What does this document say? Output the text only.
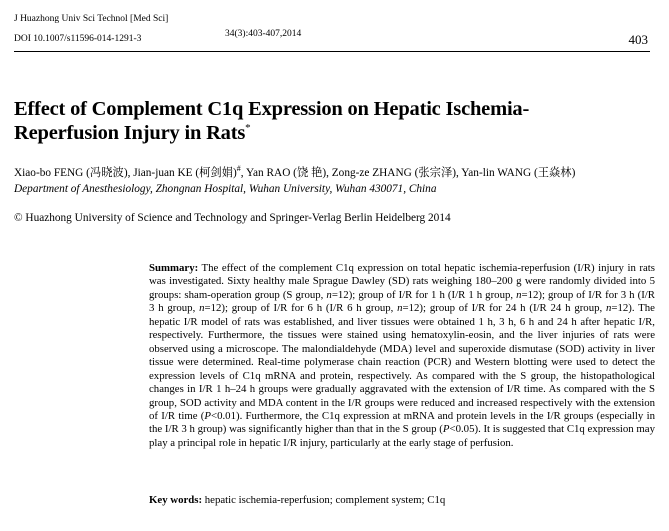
J Huazhong Univ Sci Technol [Med Sci]
DOI 10.1007/s11596-014-1291-3	34(3):403-407,2014	403
Effect of Complement C1q Expression on Hepatic Ischemia-
Reperfusion Injury in Rats*
Xiao-bo FENG (冯晓波), Jian-juan KE (柯剑娟)#, Yan RAO (饶 艳), Zong-ze ZHANG (张宗泽), Yan-lin WANG (王焱林)
Department of Anesthesiology, Zhongnan Hospital, Wuhan University, Wuhan 430071, China
© Huazhong University of Science and Technology and Springer-Verlag Berlin Heidelberg 2014
Summary: The effect of the complement C1q expression on total hepatic ischemia-reperfusion (I/R) injury in rats was investigated. Sixty healthy male Sprague Dawley (SD) rats weighing 180–200 g were randomly divided into 5 groups: sham-operation group (S group, n=12); group of I/R for 1 h (I/R 1 h group, n=12); group of I/R for 3 h (I/R 3 h group, n=12); group of I/R for 6 h (I/R 6 h group, n=12); group of I/R for 24 h (I/R 24 h group, n=12). The hepatic I/R model of rats was established, and liver tissues were obtained 1 h, 3 h, 6 h and 24 h after hepatic I/R, respectively. Furthermore, the tissues were stained using hematoxylin-eosin, and the liver injuries of rats were observed using a microscope. The malondialdehyde (MDA) level and superoxide dismutase (SOD) activity in liver tissue were determined. Real-time polymerase chain reaction (PCR) and Western blotting were used to detect the expression levels of C1q mRNA and protein, respectively. As compared with the S group, the histopathological changes in I/R 1 h–24 h groups were gradually aggravated with the extension of I/R time. As compared with the S group, SOD activity and MDA content in the I/R groups were reduced and increased respectively with the extension of I/R time (P<0.01). Furthermore, the C1q expression at mRNA and protein levels in the I/R groups (especially in the I/R 3 h group) was significantly higher than that in the S group (P<0.05). It is suggested that C1q expression may play a principal role in hepatic I/R injury, particularly at the early stage of perfusion.
Key words: hepatic ischemia-reperfusion; complement system; C1q
